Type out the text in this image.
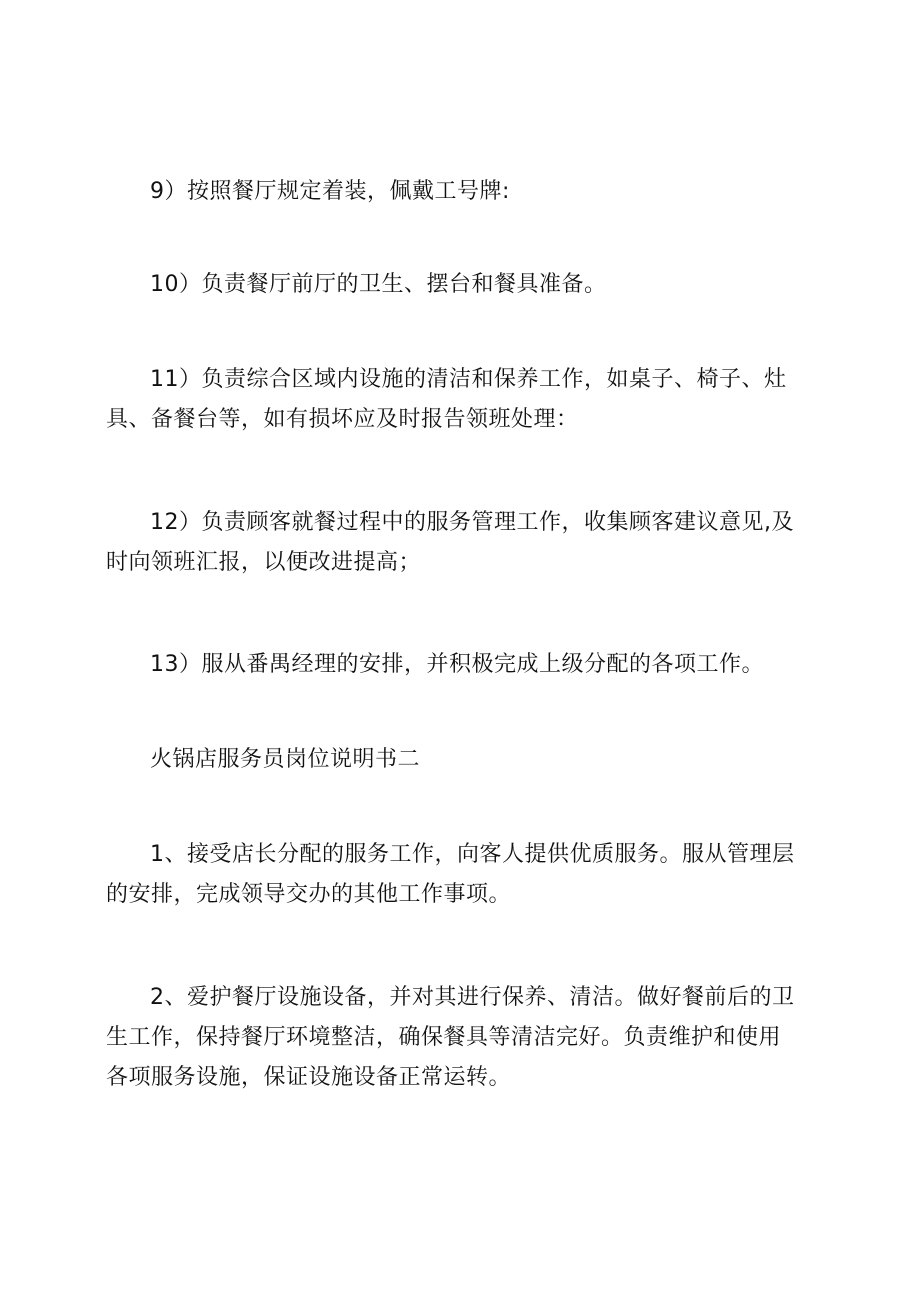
9）按照餐厅规定着装，佩戴工号牌:
10）负责餐厅前厅的卫生、摆台和餐具准备。
11）负责综合区域内设施的清洁和保养工作，如桌子、椅子、灶
具、备餐台等，如有损坏应及时报告领班处理：
12）负责顾客就餐过程中的服务管理工作，收集顾客建议意见,及
时向领班汇报，以便改进提高；
13）服从番禺经理的安排，并积极完成上级分配的各项工作。
火锅店服务员岗位说明书二
1、接受店长分配的服务工作，向客人提供优质服务。服从管理层
的安排，完成领导交办的其他工作事项。
2、爱护餐厅设施设备，并对其进行保养、清洁。做好餐前后的卫
生工作，保持餐厅环境整洁，确保餐具等清洁完好。负责维护和使用
各项服务设施，保证设施设备正常运转。
